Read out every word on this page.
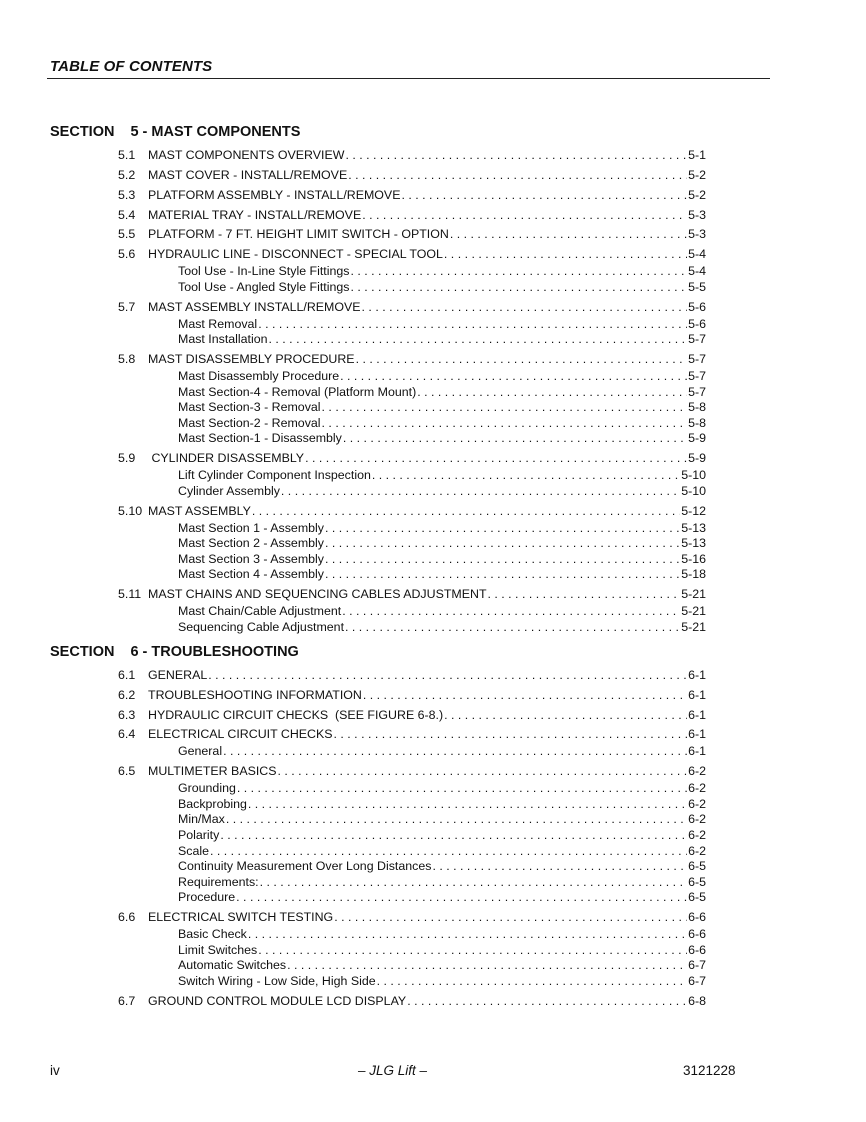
TABLE OF CONTENTS
SECTION 5 - MAST COMPONENTS
5.1	MAST COMPONENTS OVERVIEW . . .	5-1
5.2	MAST COVER - INSTALL/REMOVE . . .	5-2
5.3	PLATFORM ASSEMBLY - INSTALL/REMOVE . . .	5-2
5.4	MATERIAL TRAY - INSTALL/REMOVE . . .	5-3
5.5	PLATFORM - 7 FT. HEIGHT LIMIT SWITCH - OPTION . . .	5-3
5.6	HYDRAULIC LINE - DISCONNECT - SPECIAL TOOL . . .	5-4
Tool Use - In-Line Style Fittings . . .	5-4
Tool Use - Angled Style Fittings . . .	5-5
5.7	MAST ASSEMBLY INSTALL/REMOVE . . .	5-6
Mast Removal . . .	5-6
Mast Installation . . .	5-7
5.8	MAST DISASSEMBLY PROCEDURE . . .	5-7
Mast Disassembly Procedure . . .	5-7
Mast Section-4 - Removal (Platform Mount) . . .	5-7
Mast Section-3 - Removal . . .	5-8
Mast Section-2 - Removal . . .	5-8
Mast Section-1 - Disassembly . . .	5-9
5.9	CYLINDER DISASSEMBLY . . .	5-9
Lift Cylinder Component Inspection . . .	5-10
Cylinder Assembly . . .	5-10
5.10 MAST ASSEMBLY . . .	5-12
Mast Section 1 - Assembly . . .	5-13
Mast Section 2 - Assembly . . .	5-13
Mast Section 3 - Assembly . . .	5-16
Mast Section 4 - Assembly . . .	5-18
5.11 MAST CHAINS AND SEQUENCING CABLES ADJUSTMENT . . .	5-21
Mast Chain/Cable Adjustment . . .	5-21
Sequencing Cable Adjustment . . .	5-21
SECTION 6 - TROUBLESHOOTING
6.1	GENERAL . . .	6-1
6.2	TROUBLESHOOTING INFORMATION . . .	6-1
6.3	HYDRAULIC CIRCUIT CHECKS  (SEE FIGURE 6-8.) . . .	6-1
6.4	ELECTRICAL CIRCUIT CHECKS . . .	6-1
General . . .	6-1
6.5	MULTIMETER BASICS . . .	6-2
Grounding . . .	6-2
Backprobing . . .	6-2
Min/Max . . .	6-2
Polarity . . .	6-2
Scale . . .	6-2
Continuity Measurement Over Long Distances . . .	6-5
Requirements: . . .	6-5
Procedure . . .	6-5
6.6	ELECTRICAL SWITCH TESTING . . .	6-6
Basic Check . . .	6-6
Limit Switches . . .	6-6
Automatic Switches . . .	6-7
Switch Wiring - Low Side, High Side . . .	6-7
6.7	GROUND CONTROL MODULE LCD DISPLAY . . .	6-8
iv	– JLG Lift –	3121228
